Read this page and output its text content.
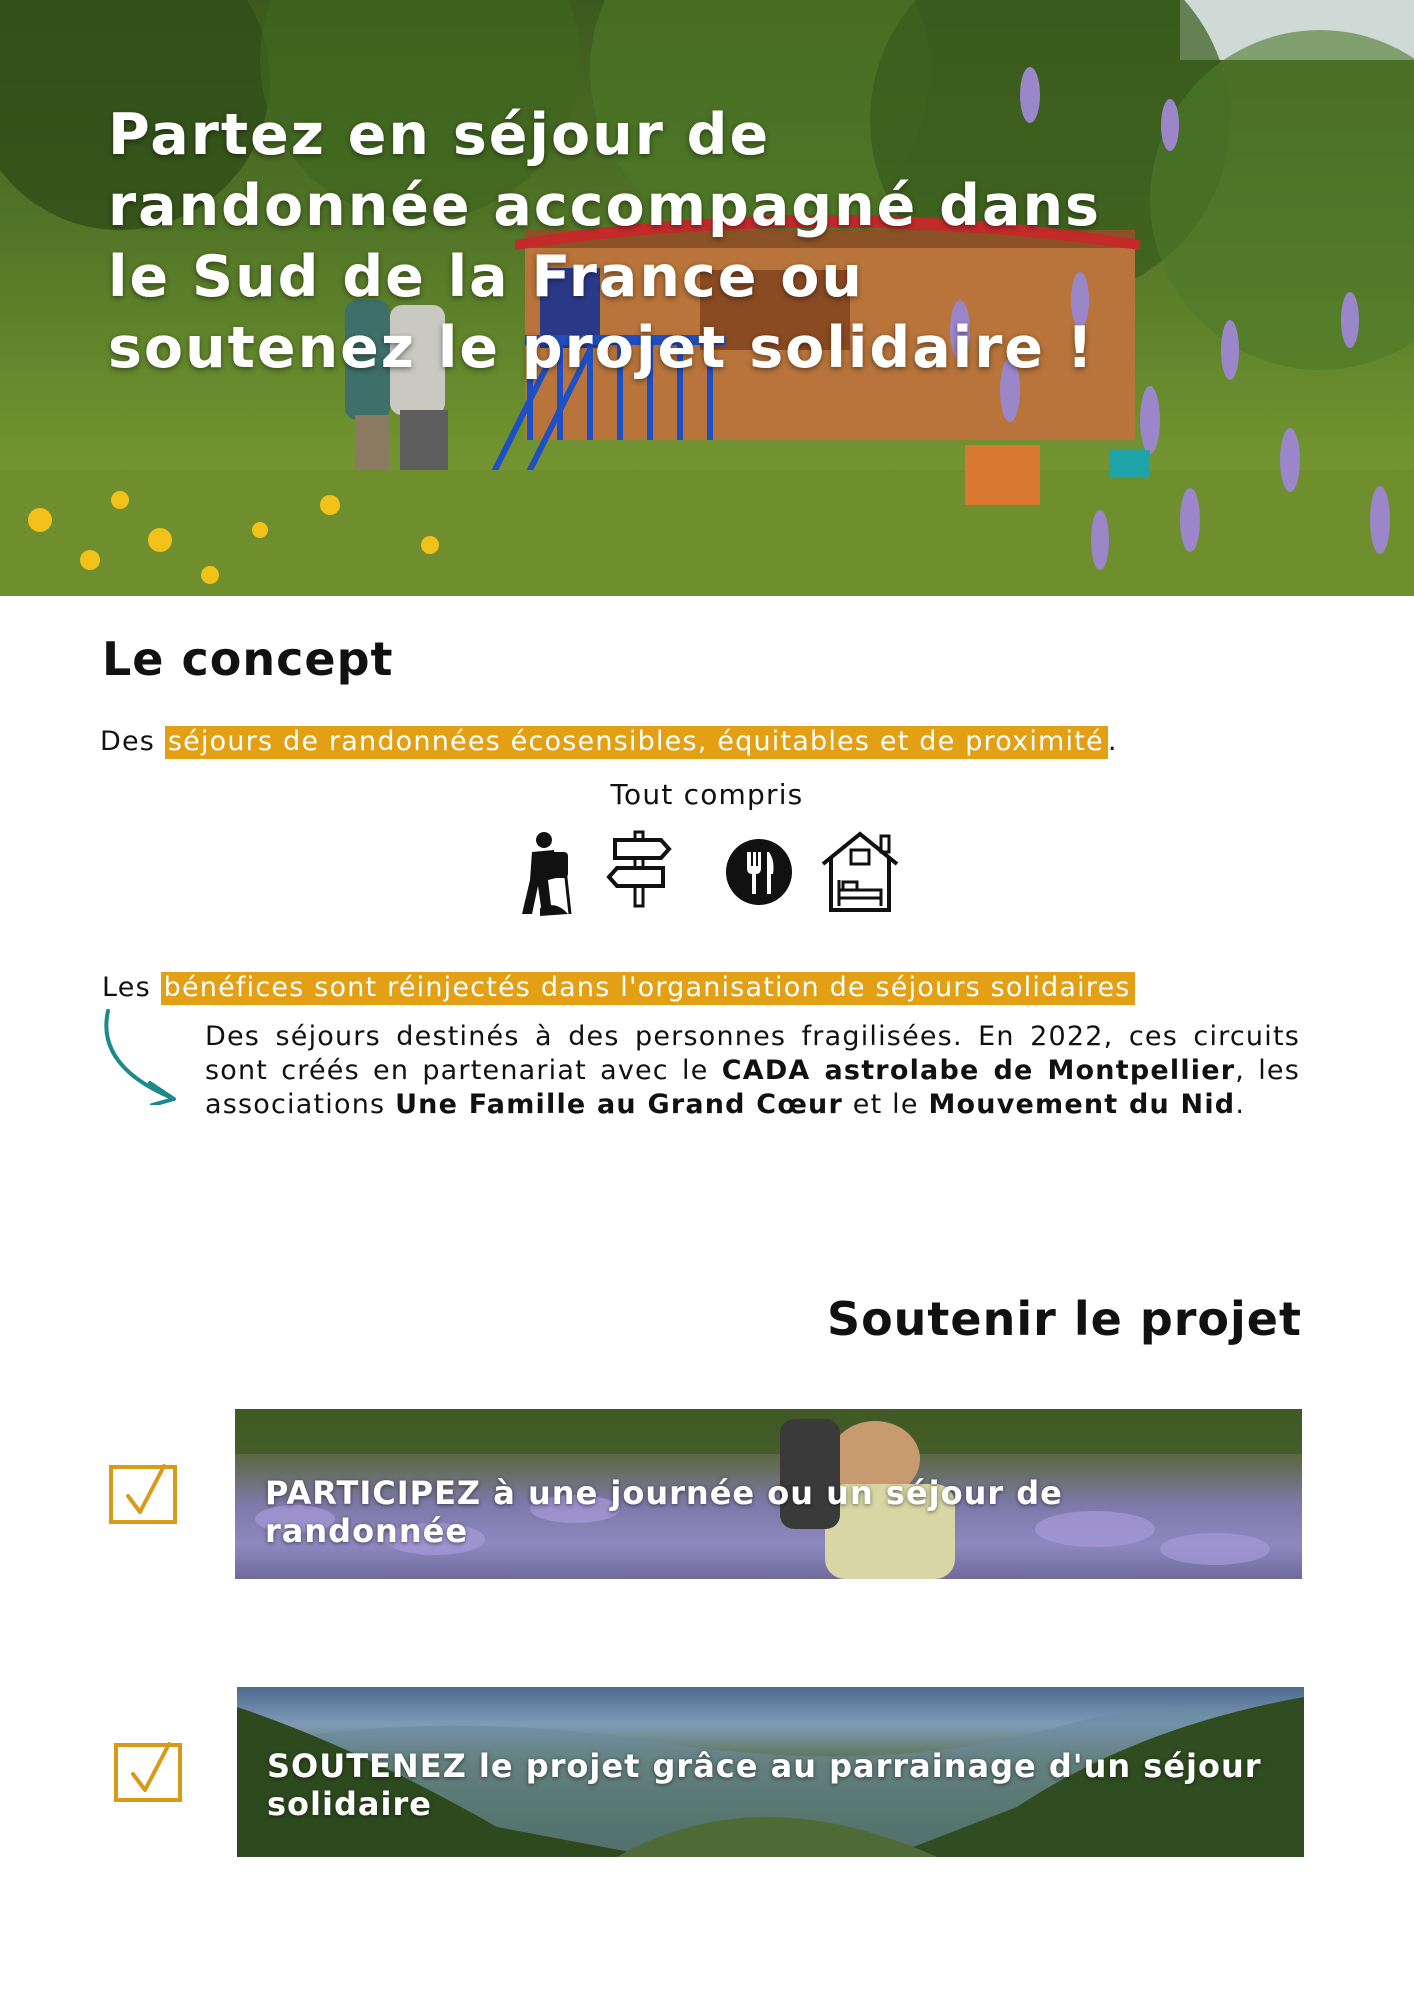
Partez en séjour de randonnée accompagné dans le Sud de la France ou soutenez le projet solidaire !
Le concept
Des séjours de randonnées écosensibles, équitables et de proximité .
Tout compris
Les bénéfices sont réinjectés dans l'organisation de séjours solidaires

Des séjours destinés à des personnes fragilisées. En 2022, ces circuits sont créés en partenariat avec le CADA astrolabe de Montpellier, les associations Une Famille au Grand Cœur et le Mouvement du Nid.

Soutenir le projet

PARTICIPEZ à une journée ou un séjour de randonnée

SOUTENEZ le projet grâce au parrainage d'un séjour solidaire
